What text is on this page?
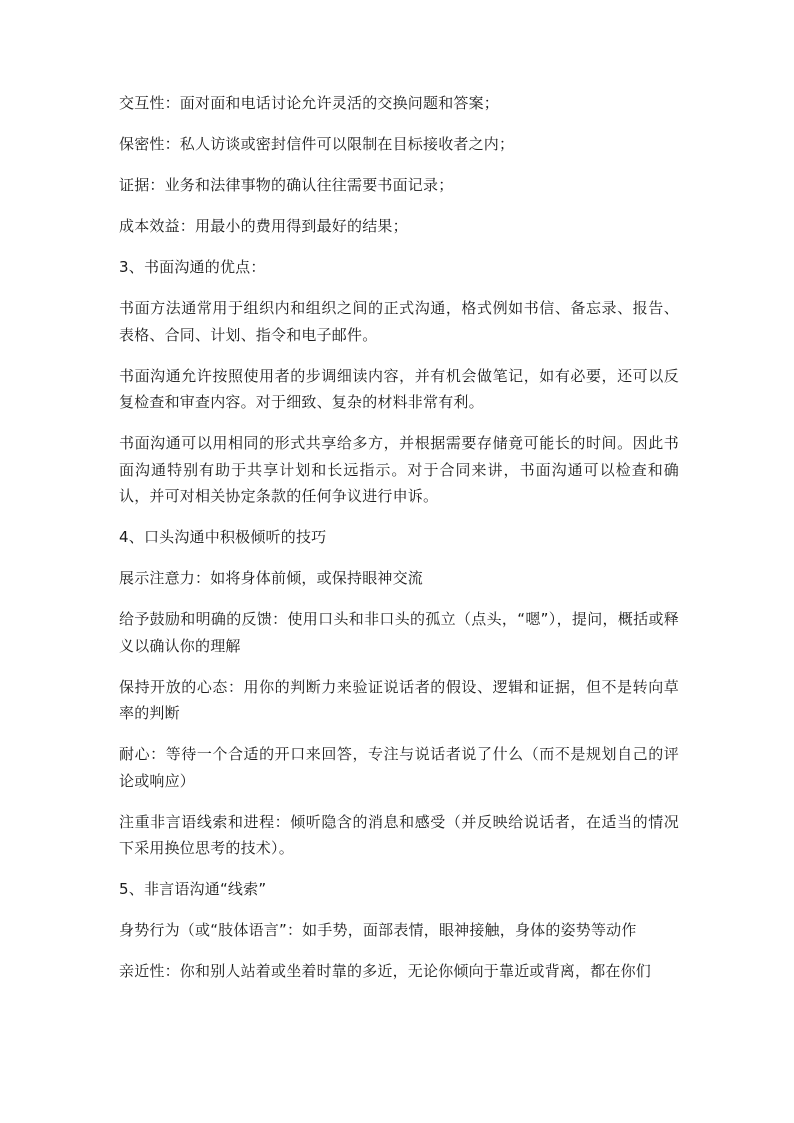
交互性：面对面和电话讨论允许灵活的交换问题和答案；

保密性：私人访谈或密封信件可以限制在目标接收者之内；

证据：业务和法律事物的确认往往需要书面记录；

成本效益：用最小的费用得到最好的结果；

3、书面沟通的优点：

书面方法通常用于组织内和组织之间的正式沟通，格式例如书信、备忘录、报告、表格、合同、计划、指令和电子邮件。

书面沟通允许按照使用者的步调细读内容，并有机会做笔记，如有必要，还可以反复检查和审查内容。对于细致、复杂的材料非常有利。

书面沟通可以用相同的形式共享给多方，并根据需要存储竟可能长的时间。因此书面沟通特别有助于共享计划和长远指示。对于合同来讲，书面沟通可以检查和确认，并可对相关协定条款的任何争议进行申诉。

4、口头沟通中积极倾听的技巧

展示注意力：如将身体前倾，或保持眼神交流

给予鼓励和明确的反馈：使用口头和非口头的孤立（点头，“嗯”），提问，概括或释义以确认你的理解

保持开放的心态：用你的判断力来验证说话者的假设、逻辑和证据，但不是转向草率的判断

耐心：等待一个合适的开口来回答，专注与说话者说了什么（而不是规划自己的评论或响应）

注重非言语线索和进程：倾听隐含的消息和感受（并反映给说话者，在适当的情况下采用换位思考的技术）。

5、非言语沟通“线索”

身势行为（或“肢体语言”：如手势，面部表情，眼神接触，身体的姿势等动作

亲近性：你和别人站着或坐着时靠的多近，无论你倾向于靠近或背离，都在你们
